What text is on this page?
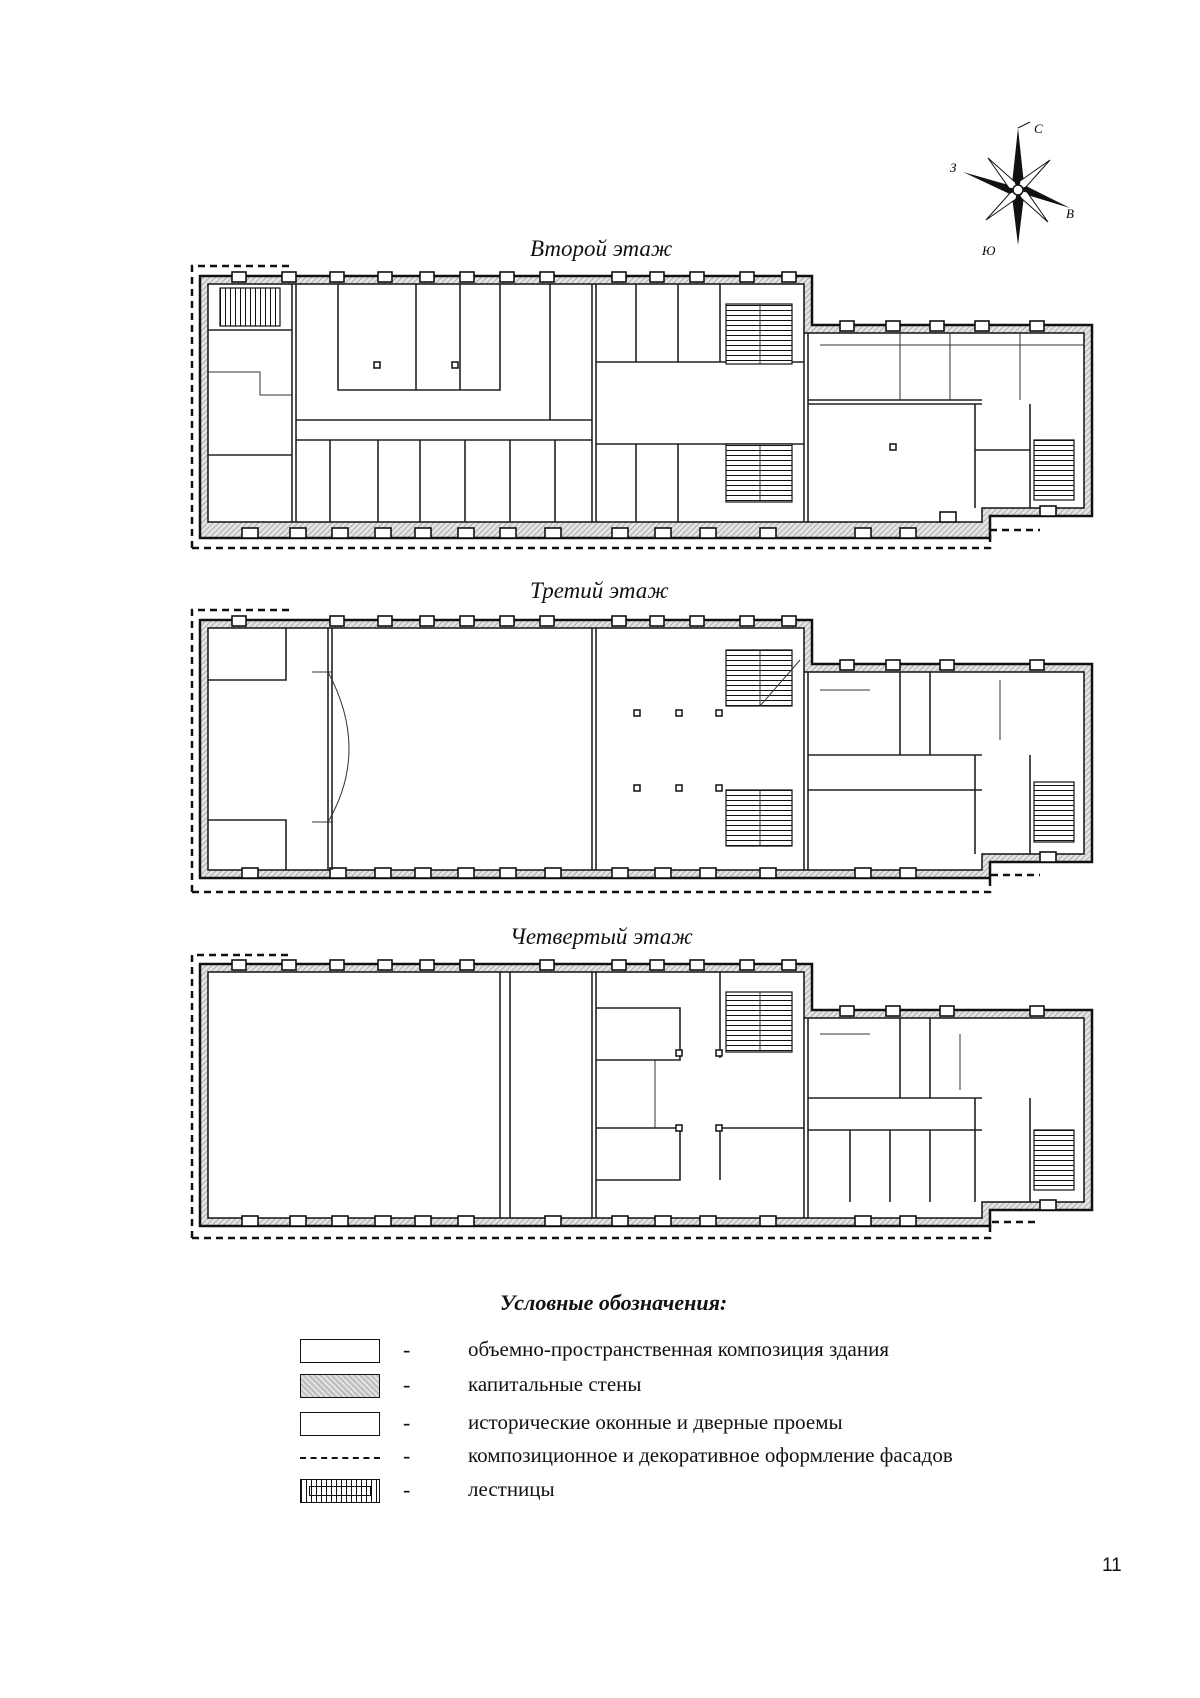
Второй этаж
Третий этаж
Четвертый этаж
С
Ю
В
З
Условные обозначения:
-	объемно-пространственная композиция здания
-	капитальные стены
-	исторические оконные и дверные проемы
-	композиционное и декоративное оформление фасадов
-	лестницы
11
